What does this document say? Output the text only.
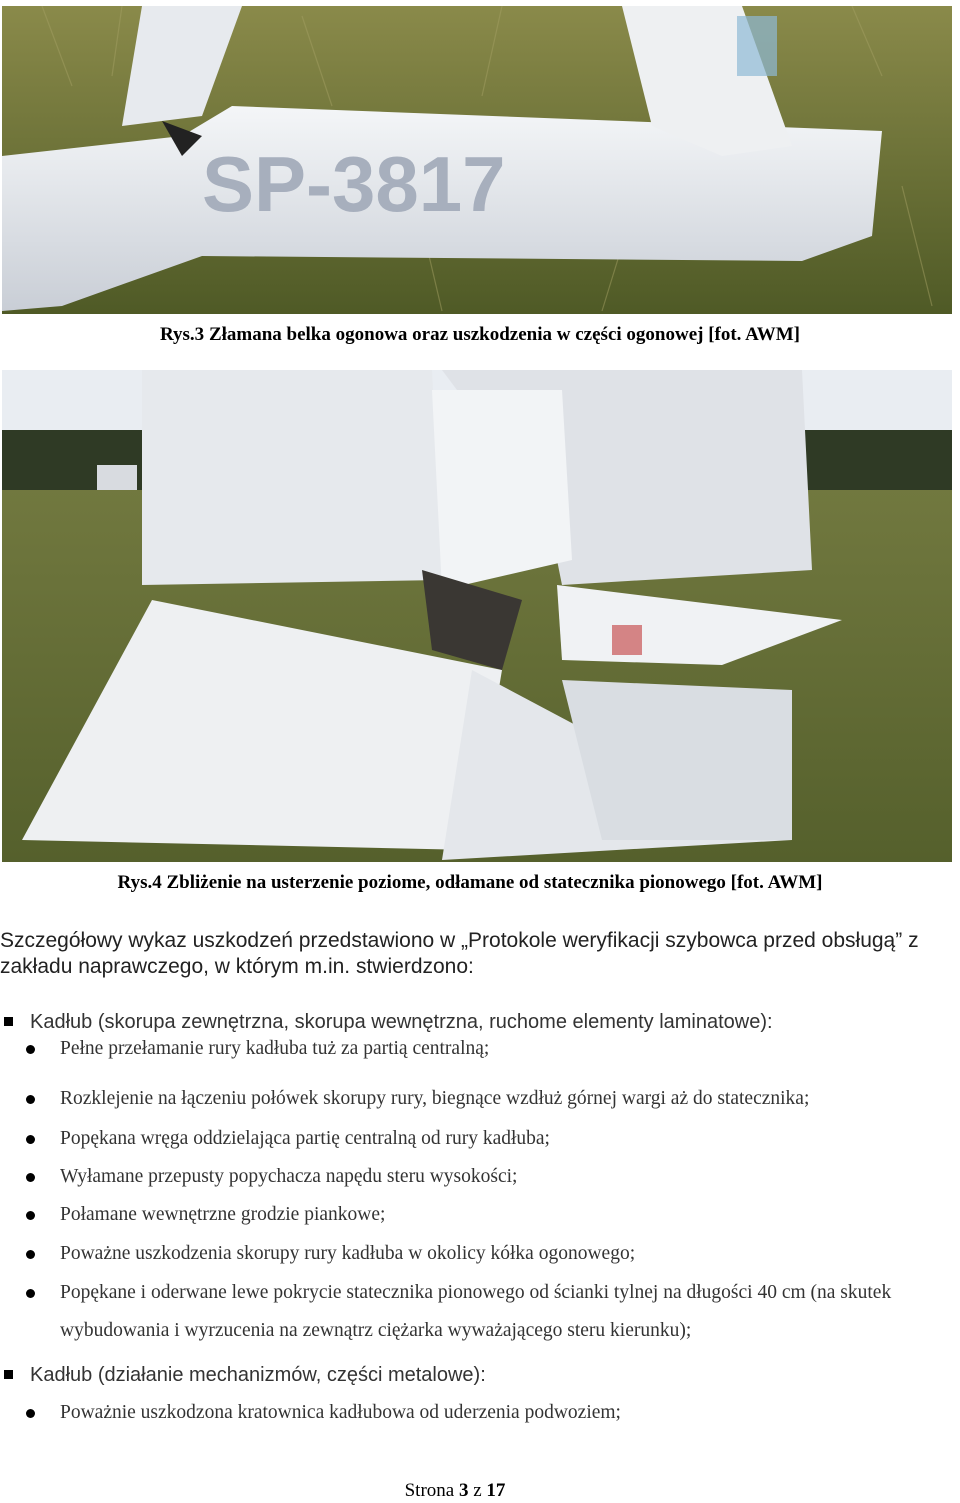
SP-3817
Rys.3 Złamana belka ogonowa oraz uszkodzenia w części ogonowej [fot. AWM]
Rys.4 Zbliżenie na usterzenie poziome, odłamane od statecznika pionowego [fot. AWM]
Szczegółowy wykaz uszkodzeń przedstawiono w „Protokole weryfikacji szybowca przed obsługą” z zakładu naprawczego, w którym m.in. stwierdzono:
Kadłub (skorupa zewnętrzna, skorupa wewnętrzna, ruchome elementy laminatowe):
Pełne przełamanie rury kadłuba tuż za partią centralną;
Rozklejenie na łączeniu połówek skorupy rury, biegnące wzdłuż górnej wargi aż do statecznika;
Popękana wręga oddzielająca partię centralną od rury kadłuba;
Wyłamane przepusty popychacza napędu steru wysokości;
Połamane wewnętrzne grodzie piankowe;
Poważne uszkodzenia skorupy rury kadłuba w okolicy kółka ogonowego;
Popękane i oderwane lewe pokrycie statecznika pionowego od ścianki tylnej na długości 40 cm (na skutek wybudowania i wyrzucenia na zewnątrz ciężarka wyważającego steru kierunku);
Kadłub (działanie mechanizmów, części metalowe):
Poważnie uszkodzona kratownica kadłubowa od uderzenia podwoziem;
Strona 3 z 17
